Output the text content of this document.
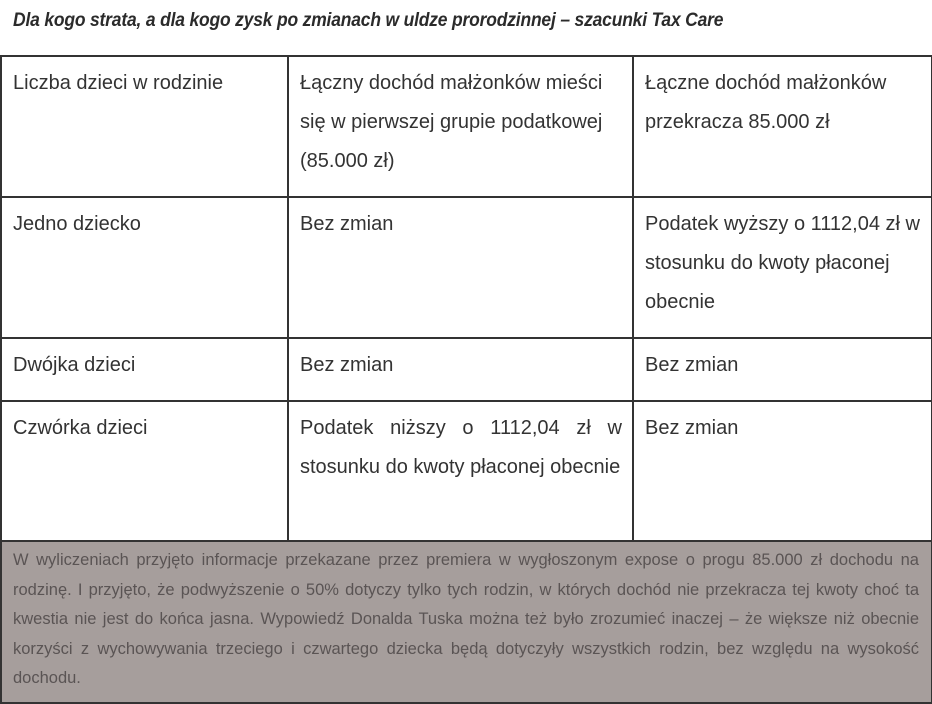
Dla kogo strata, a dla kogo zysk po zmianach w uldze prorodzinnej – szacunki Tax Care
Liczba dzieci w rodzinie	Łączny dochód małżonków mieści się w pierwszej grupie podatkowej (85.000 zł)	Łączne dochód małżonków przekracza 85.000 zł
Jedno dziecko	Bez zmian	Podatek wyższy o 1112,04 zł w stosunku do kwoty płaconej obecnie
Dwójka dzieci	Bez zmian	Bez zmian
Czwórka dzieci	Podatek niższy o 1112,04 zł w stosunku do kwoty płaconej obecnie	Bez zmian
W wyliczeniach przyjęto informacje przekazane przez premiera w wygłoszonym expose o progu 85.000 zł dochodu na rodzinę. I przyjęto, że podwyższenie o 50% dotyczy tylko tych rodzin, w których dochód nie przekracza tej kwoty choć ta kwestia nie jest do końca jasna. Wypowiedź Donalda Tuska można też było zrozumieć inaczej – że większe niż obecnie korzyści z wychowywania trzeciego i czwartego dziecka będą dotyczyły wszystkich rodzin, bez względu na wysokość dochodu.		
